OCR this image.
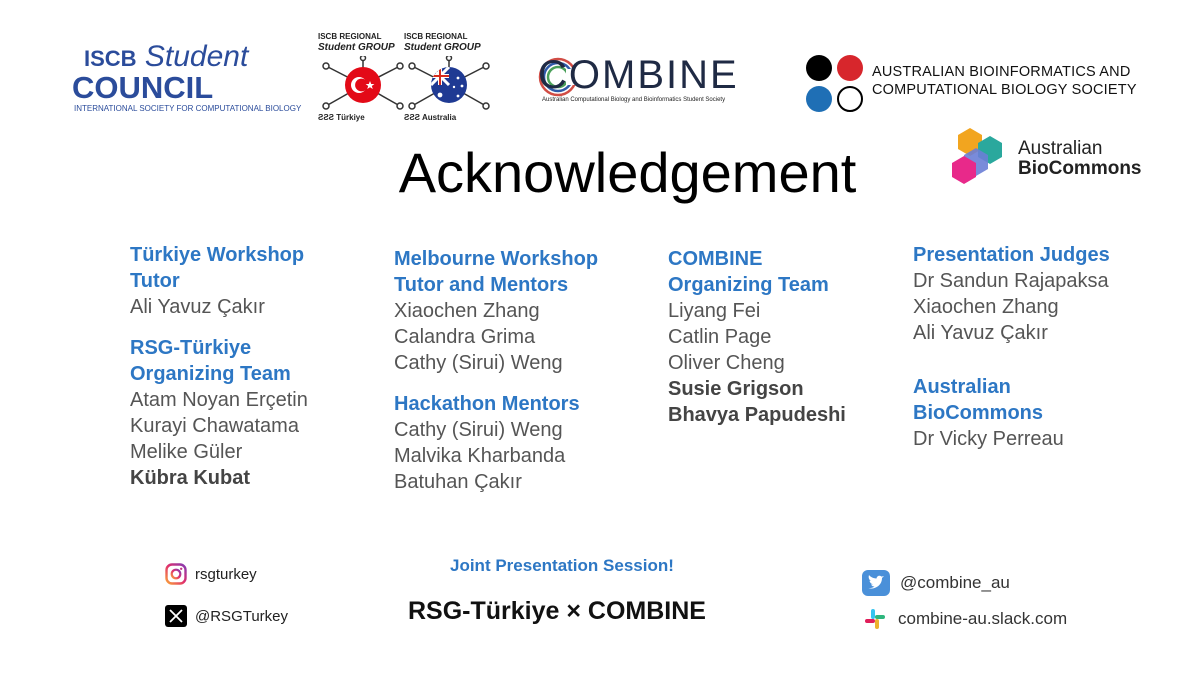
ISCB Student
COUNCIL
INTERNATIONAL SOCIETY FOR COMPUTATIONAL BIOLOGY
ISCB REGIONAL
Student GROUP
ƧƧƧ Türkiye
ISCB REGIONAL
Student GROUP
ƧƧƧ Australia
COMBINE
Australian Computational Biology and Bioinformatics Student Society
AUSTRALIAN BIOINFORMATICS AND
COMPUTATIONAL BIOLOGY SOCIETY
Australian
BioCommons
Acknowledgement
Türkiye Workshop
Tutor
Ali Yavuz Çakır
RSG-Türkiye
Organizing Team
Atam Noyan Erçetin
Kurayi Chawatama
Melike Güler
Kübra Kubat
Melbourne Workshop
Tutor and Mentors
Xiaochen Zhang
Calandra Grima
Cathy (Sirui) Weng
Hackathon Mentors
Cathy (Sirui) Weng
Malvika Kharbanda
Batuhan Çakır
COMBINE
Organizing Team
Liyang Fei
Catlin Page
Oliver Cheng
Susie Grigson
Bhavya Papudeshi
Presentation Judges
Dr Sandun Rajapaksa
Xiaochen Zhang
Ali Yavuz Çakır
Australian
BioCommons
Dr Vicky Perreau
rsgturkey
@RSGTurkey
Joint Presentation Session!
RSG-Türkiye × COMBINE
@combine_au
combine-au.slack.com
